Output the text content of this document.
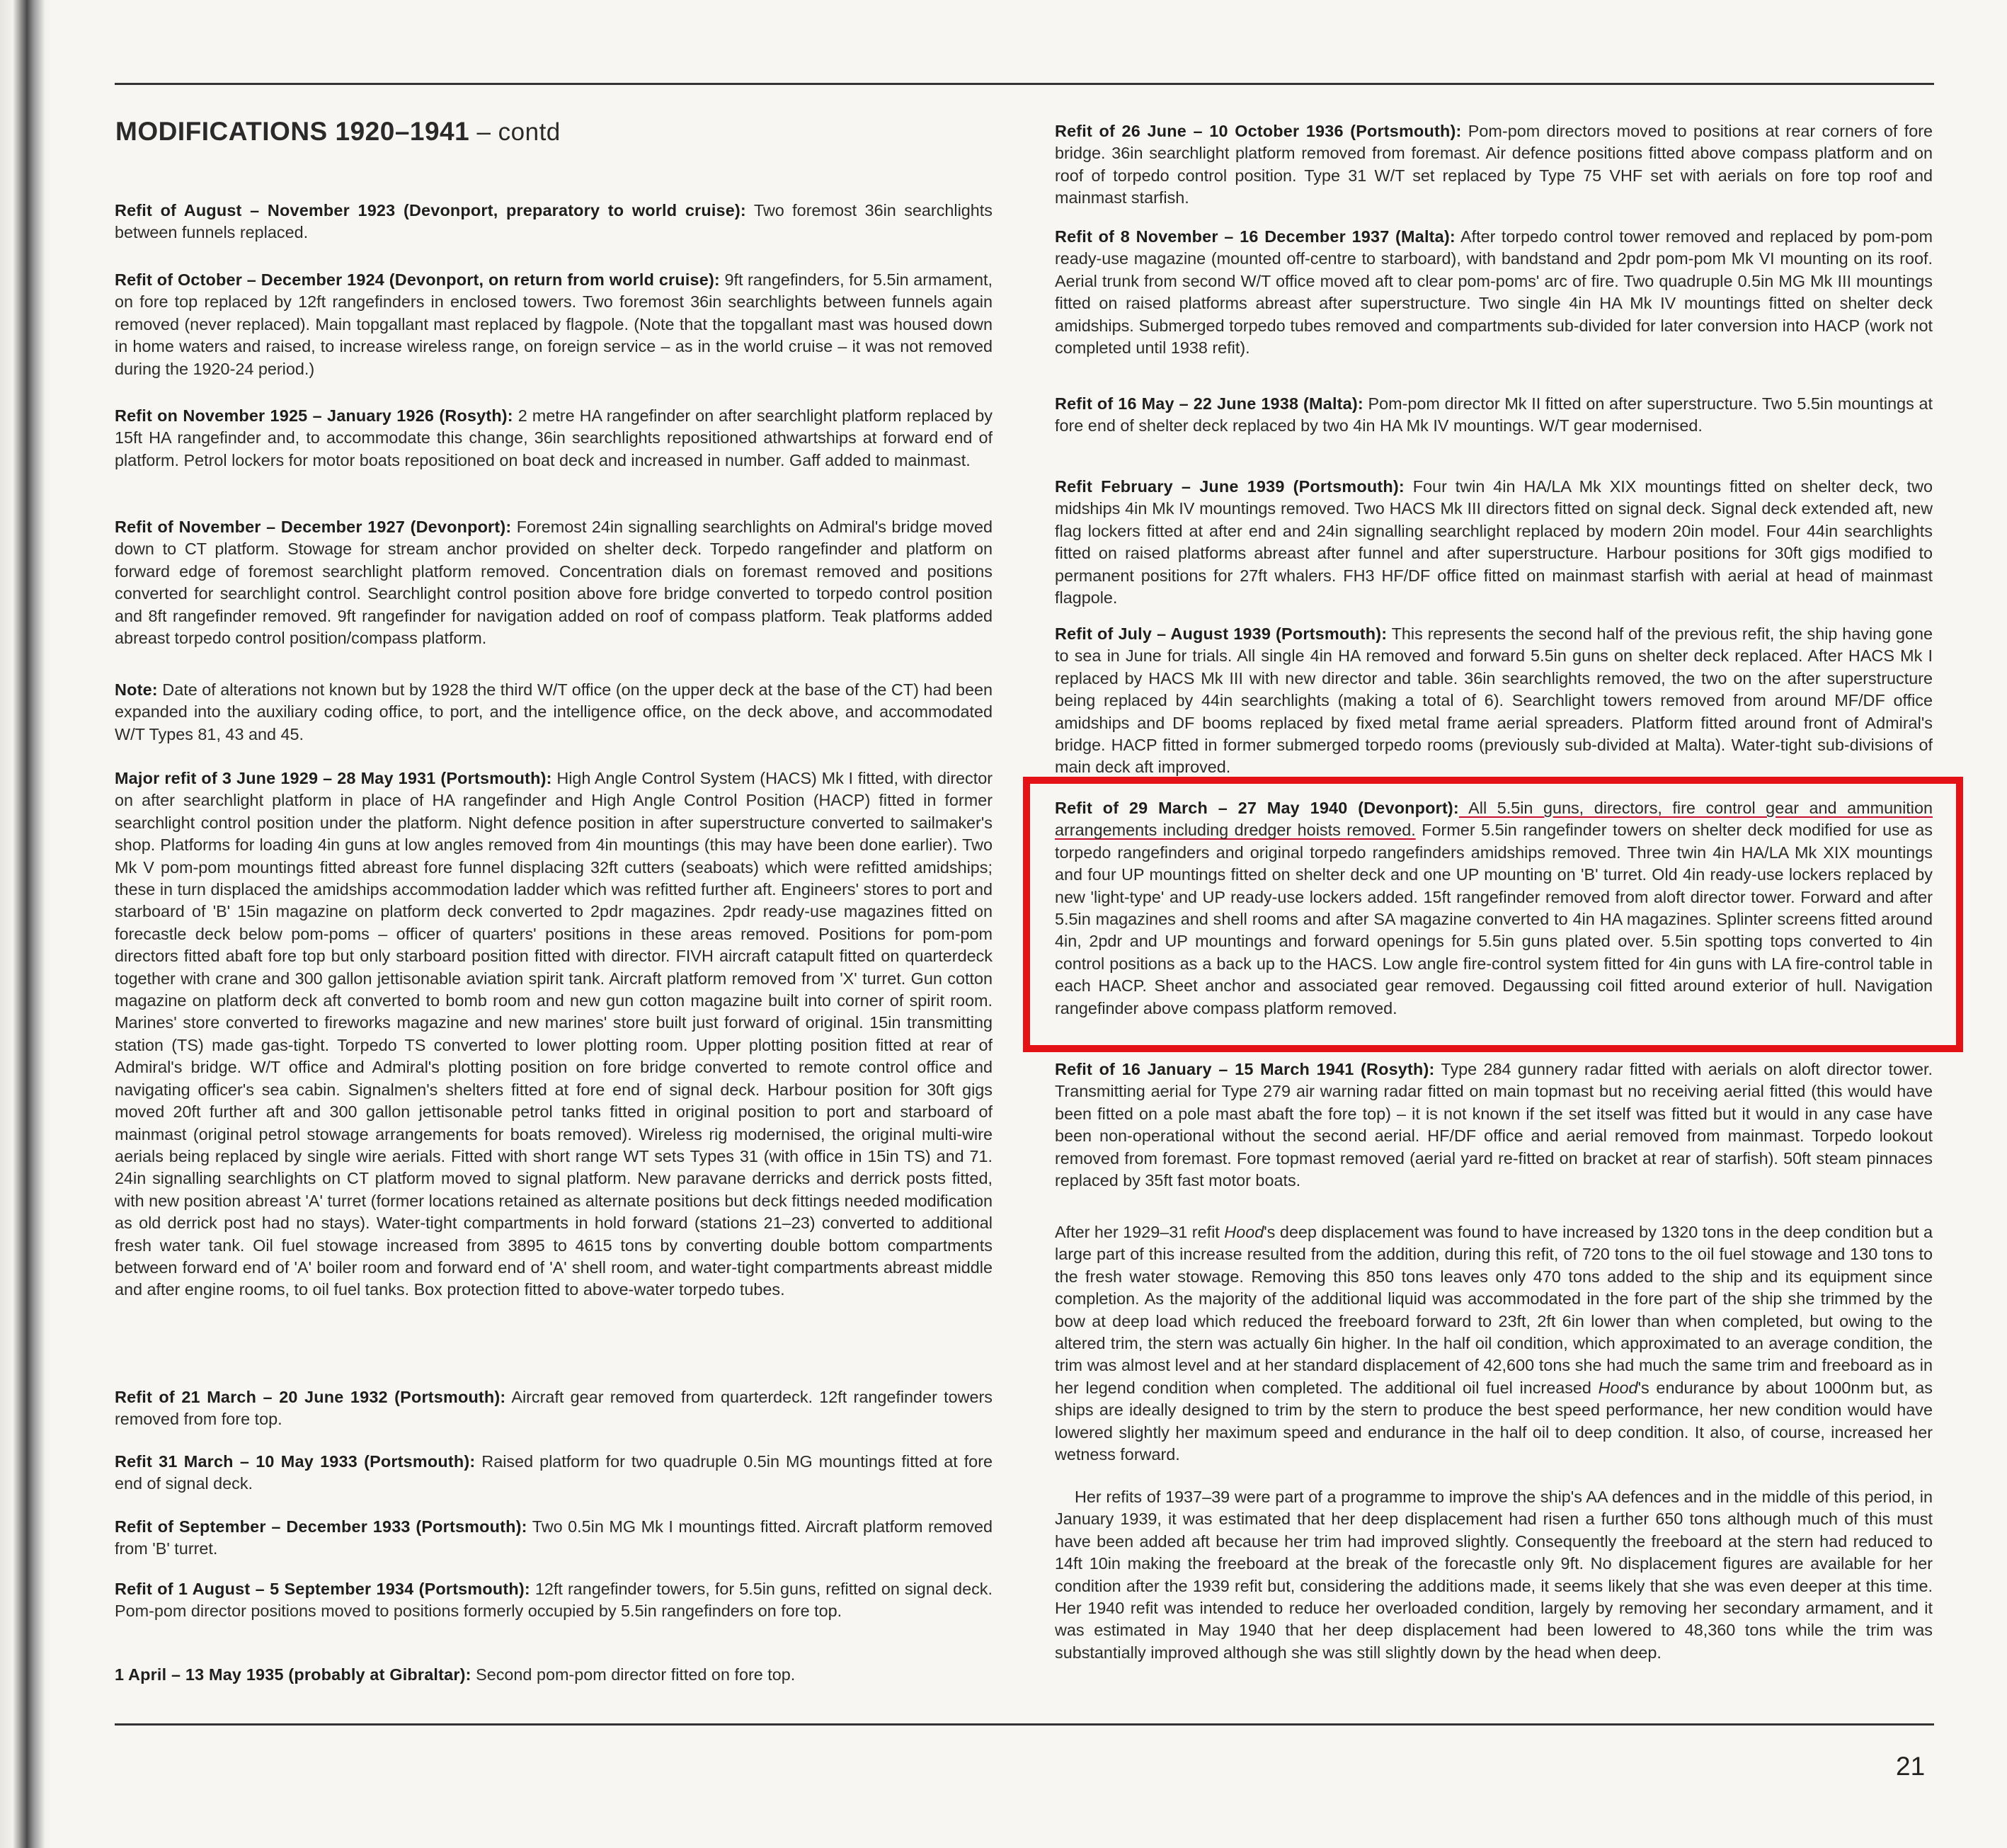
MODIFICATIONS 1920–1941 – contd

Refit of August – November 1923 (Devonport, preparatory to world cruise): Two foremost 36in searchlights between funnels replaced.

Refit of October – December 1924 (Devonport, on return from world cruise): 9ft rangefinders, for 5.5in armament, on fore top replaced by 12ft rangefinders in enclosed towers. Two foremost 36in searchlights between funnels again removed (never replaced). Main topgallant mast replaced by flagpole. (Note that the topgallant mast was housed down in home waters and raised, to increase wireless range, on foreign service – as in the world cruise – it was not removed during the 1920-24 period.)

Refit on November 1925 – January 1926 (Rosyth): 2 metre HA rangefinder on after searchlight platform replaced by 15ft HA rangefinder and, to accommodate this change, 36in searchlights repositioned athwartships at forward end of platform. Petrol lockers for motor boats repositioned on boat deck and increased in number. Gaff added to mainmast.

Refit of November – December 1927 (Devonport): Foremost 24in signalling searchlights on Admiral's bridge moved down to CT platform. Stowage for stream anchor provided on shelter deck. Torpedo rangefinder and platform on forward edge of foremost searchlight platform removed. Concentration dials on foremast removed and positions converted for searchlight control. Searchlight control position above fore bridge converted to torpedo control position and 8ft rangefinder removed. 9ft rangefinder for navigation added on roof of compass platform. Teak platforms added abreast torpedo control position/compass platform.

Note: Date of alterations not known but by 1928 the third W/T office (on the upper deck at the base of the CT) had been expanded into the auxiliary coding office, to port, and the intelligence office, on the deck above, and accommodated W/T Types 81, 43 and 45.

Major refit of 3 June 1929 – 28 May 1931 (Portsmouth): High Angle Control System (HACS) Mk I fitted, with director on after searchlight platform in place of HA rangefinder and High Angle Control Position (HACP) fitted in former searchlight control position under the platform. Night defence position in after superstructure converted to sailmaker's shop. Platforms for loading 4in guns at low angles removed from 4in mountings (this may have been done earlier). Two Mk V pom-pom mountings fitted abreast fore funnel displacing 32ft cutters (seaboats) which were refitted amidships; these in turn displaced the amidships accommodation ladder which was refitted further aft. Engineers' stores to port and starboard of 'B' 15in magazine on platform deck converted to 2pdr magazines. 2pdr ready-use magazines fitted on forecastle deck below pom-poms – officer of quarters' positions in these areas removed. Positions for pom-pom directors fitted abaft fore top but only starboard position fitted with director. FIVH aircraft catapult fitted on quarterdeck together with crane and 300 gallon jettisonable aviation spirit tank. Aircraft platform removed from 'X' turret. Gun cotton magazine on platform deck aft converted to bomb room and new gun cotton magazine built into corner of spirit room. Marines' store converted to fireworks magazine and new marines' store built just forward of original. 15in transmitting station (TS) made gas-tight. Torpedo TS converted to lower plotting room. Upper plotting position fitted at rear of Admiral's bridge. W/T office and Admiral's plotting position on fore bridge converted to remote control office and navigating officer's sea cabin. Signalmen's shelters fitted at fore end of signal deck. Harbour position for 30ft gigs moved 20ft further aft and 300 gallon jettisonable petrol tanks fitted in original position to port and starboard of mainmast (original petrol stowage arrangements for boats removed). Wireless rig modernised, the original multi-wire aerials being replaced by single wire aerials. Fitted with short range WT sets Types 31 (with office in 15in TS) and 71. 24in signalling searchlights on CT platform moved to signal platform. New paravane derricks and derrick posts fitted, with new position abreast 'A' turret (former locations retained as alternate positions but deck fittings needed modification as old derrick post had no stays). Water-tight compartments in hold forward (stations 21–23) converted to additional fresh water tank. Oil fuel stowage increased from 3895 to 4615 tons by converting double bottom compartments between forward end of 'A' boiler room and forward end of 'A' shell room, and water-tight compartments abreast middle and after engine rooms, to oil fuel tanks. Box protection fitted to above-water torpedo tubes.

Refit of 21 March – 20 June 1932 (Portsmouth): Aircraft gear removed from quarterdeck. 12ft rangefinder towers removed from fore top.

Refit 31 March – 10 May 1933 (Portsmouth): Raised platform for two quadruple 0.5in MG mountings fitted at fore end of signal deck.

Refit of September – December 1933 (Portsmouth): Two 0.5in MG Mk I mountings fitted. Aircraft platform removed from 'B' turret.

Refit of 1 August – 5 September 1934 (Portsmouth): 12ft rangefinder towers, for 5.5in guns, refitted on signal deck. Pom-pom director positions moved to positions formerly occupied by 5.5in rangefinders on fore top.

1 April – 13 May 1935 (probably at Gibraltar): Second pom-pom director fitted on fore top.

Refit of 26 June – 10 October 1936 (Portsmouth): Pom-pom directors moved to positions at rear corners of fore bridge. 36in searchlight platform removed from foremast. Air defence positions fitted above compass platform and on roof of torpedo control position. Type 31 W/T set replaced by Type 75 VHF set with aerials on fore top roof and mainmast starfish.

Refit of 8 November – 16 December 1937 (Malta): After torpedo control tower removed and replaced by pom-pom ready-use magazine (mounted off-centre to starboard), with bandstand and 2pdr pom-pom Mk VI mounting on its roof. Aerial trunk from second W/T office moved aft to clear pom-poms' arc of fire. Two quadruple 0.5in MG Mk III mountings fitted on raised platforms abreast after superstructure. Two single 4in HA Mk IV mountings fitted on shelter deck amidships. Submerged torpedo tubes removed and compartments sub-divided for later conversion into HACP (work not completed until 1938 refit).

Refit of 16 May – 22 June 1938 (Malta): Pom-pom director Mk II fitted on after superstructure. Two 5.5in mountings at fore end of shelter deck replaced by two 4in HA Mk IV mountings. W/T gear modernised.

Refit February – June 1939 (Portsmouth): Four twin 4in HA/LA Mk XIX mountings fitted on shelter deck, two midships 4in Mk IV mountings removed. Two HACS Mk III directors fitted on signal deck. Signal deck extended aft, new flag lockers fitted at after end and 24in signalling searchlight replaced by modern 20in model. Four 44in searchlights fitted on raised platforms abreast after funnel and after superstructure. Harbour positions for 30ft gigs modified to permanent positions for 27ft whalers. FH3 HF/DF office fitted on mainmast starfish with aerial at head of mainmast flagpole.

Refit of July – August 1939 (Portsmouth): This represents the second half of the previous refit, the ship having gone to sea in June for trials. All single 4in HA removed and forward 5.5in guns on shelter deck replaced. After HACS Mk I replaced by HACS Mk III with new director and table. 36in searchlights removed, the two on the after superstructure being replaced by 44in searchlights (making a total of 6). Searchlight towers removed from around MF/DF office amidships and DF booms replaced by fixed metal frame aerial spreaders. Platform fitted around front of Admiral's bridge. HACP fitted in former submerged torpedo rooms (previously sub-divided at Malta). Water-tight sub-divisions of main deck aft improved.

Refit of 29 March – 27 May 1940 (Devonport): All 5.5in guns, directors, fire control gear and ammunition arrangements including dredger hoists removed. Former 5.5in rangefinder towers on shelter deck modified for use as torpedo rangefinders and original torpedo rangefinders amidships removed. Three twin 4in HA/LA Mk XIX mountings and four UP mountings fitted on shelter deck and one UP mounting on 'B' turret. Old 4in ready-use lockers replaced by new 'light-type' and UP ready-use lockers added. 15ft rangefinder removed from aloft director tower. Forward and after 5.5in magazines and shell rooms and after SA magazine converted to 4in HA magazines. Splinter screens fitted around 4in, 2pdr and UP mountings and forward openings for 5.5in guns plated over. 5.5in spotting tops converted to 4in control positions as a back up to the HACS. Low angle fire-control system fitted for 4in guns with LA fire-control table in each HACP. Sheet anchor and associated gear removed. Degaussing coil fitted around exterior of hull. Navigation rangefinder above compass platform removed.

Refit of 16 January – 15 March 1941 (Rosyth): Type 284 gunnery radar fitted with aerials on aloft director tower. Transmitting aerial for Type 279 air warning radar fitted on main topmast but no receiving aerial fitted (this would have been fitted on a pole mast abaft the fore top) – it is not known if the set itself was fitted but it would in any case have been non-operational without the second aerial. HF/DF office and aerial removed from mainmast. Torpedo lookout removed from foremast. Fore topmast removed (aerial yard re-fitted on bracket at rear of starfish). 50ft steam pinnaces replaced by 35ft fast motor boats.

After her 1929–31 refit Hood's deep displacement was found to have increased by 1320 tons in the deep condition but a large part of this increase resulted from the addition, during this refit, of 720 tons to the oil fuel stowage and 130 tons to the fresh water stowage. Removing this 850 tons leaves only 470 tons added to the ship and its equipment since completion. As the majority of the additional liquid was accommodated in the fore part of the ship she trimmed by the bow at deep load which reduced the freeboard forward to 23ft, 2ft 6in lower than when completed, but owing to the altered trim, the stern was actually 6in higher. In the half oil condition, which approximated to an average condition, the trim was almost level and at her standard displacement of 42,600 tons she had much the same trim and freeboard as in her legend condition when completed. The additional oil fuel increased Hood's endurance by about 1000nm but, as ships are ideally designed to trim by the stern to produce the best speed performance, her new condition would have lowered slightly her maximum speed and endurance in the half oil to deep condition. It also, of course, increased her wetness forward.

Her refits of 1937–39 were part of a programme to improve the ship's AA defences and in the middle of this period, in January 1939, it was estimated that her deep displacement had risen a further 650 tons although much of this must have been added aft because her trim had improved slightly. Consequently the freeboard at the stern had reduced to 14ft 10in making the freeboard at the break of the forecastle only 9ft. No displacement figures are available for her condition after the 1939 refit but, considering the additions made, it seems likely that she was even deeper at this time. Her 1940 refit was intended to reduce her overloaded condition, largely by removing her secondary armament, and it was estimated in May 1940 that her deep displacement had been lowered to 48,360 tons while the trim was substantially improved although she was still slightly down by the head when deep.

21
